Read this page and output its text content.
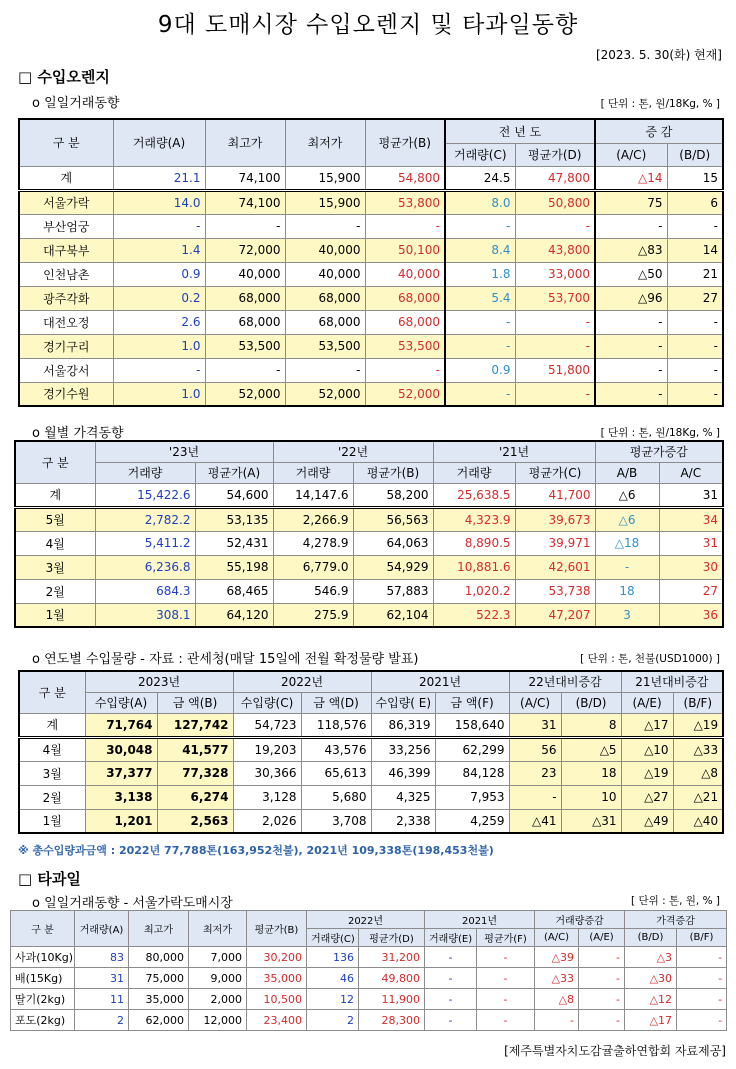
9대 도매시장 수입오렌지 및 타과일동향
[2023. 5. 30(화) 현재]
□ 수입오렌지
o 일일거래동향	[ 단위 : 톤, 원/18Kg, % ]
구 분	거래량(A)	최고가	최저가	평균가(B)	전 년 도		증 감	
					거래량(C)	평균가(D)	(A/C)	(B/D)
계	21.1	74,100	15,900	54,800	24.5	47,800	△14	15
서울가락	14.0	74,100	15,900	53,800	8.0	50,800	75	6
부산엄궁	-	-	-	-	-	-	-	-
대구북부	1.4	72,000	40,000	50,100	8.4	43,800	△83	14
인천남촌	0.9	40,000	40,000	40,000	1.8	33,000	△50	21
광주각화	0.2	68,000	68,000	68,000	5.4	53,700	△96	27
대전오정	2.6	68,000	68,000	68,000	-	-	-	-
경기구리	1.0	53,500	53,500	53,500	-	-	-	-
서울강서	-	-	-	-	0.9	51,800	-	-
경기수원	1.0	52,000	52,000	52,000	-	-	-	-
o 월별 가격동향	[ 단위 : 톤, 원/18Kg, % ]
구 분	'23년		'22년		'21년		평균가증감	
	거래량	평균가(A)	거래량	평균가(B)	거래량	평균가(C)	A/B	A/C
계	15,422.6	54,600	14,147.6	58,200	25,638.5	41,700	△6	31
5월	2,782.2	53,135	2,266.9	56,563	4,323.9	39,673	△6	34
4월	5,411.2	52,431	4,278.9	64,063	8,890.5	39,971	△18	31
3월	6,236.8	55,198	6,779.0	54,929	10,881.6	42,601	-	30
2월	684.3	68,465	546.9	57,883	1,020.2	53,738	18	27
1월	308.1	64,120	275.9	62,104	522.3	47,207	3	36
o 연도별 수입물량 - 자료 : 관세청(매달 15일에 전월 확정물량 발표)	[ 단위 : 톤, 천불(USD1000) ]
구 분	2023년		2022년		2021년		22년대비증감		21년대비증감	
	수입량(A)	금 액(B)	수입량(C)	금 액(D)	수입량( E)	금 액(F)	(A/C)	(B/D)	(A/E)	(B/F)
계	71,764	127,742	54,723	118,576	86,319	158,640	31	8	△17	△19
4월	30,048	41,577	19,203	43,576	33,256	62,299	56	△5	△10	△33
3월	37,377	77,328	30,366	65,613	46,399	84,128	23	18	△19	△8
2월	3,138	6,274	3,128	5,680	4,325	7,953	-	10	△27	△21
1월	1,201	2,563	2,026	3,708	2,338	4,259	△41	△31	△49	△40
※ 총수입량과금액 : 2022년 77,788톤(163,952천불), 2021년 109,338톤(198,453천불)
□ 타과일
o 일일거래동향 - 서울가락도매시장	[ 단위 : 톤, 원, % ]
구 분	거래량(A)	최고가	최저가	평균가(B)	2022년		2021년		거래량증감		가격증감	
					거래량(C)	평균가(D)	거래량(E)	평균가(F)	(A/C)	(A/E)	(B/D)	(B/F)
사과(10Kg)	83	80,000	7,000	30,200	136	31,200	-	-	△39	-	△3	-
배(15Kg)	31	75,000	9,000	35,000	46	49,800	-	-	△33	-	△30	-
딸기(2kg)	11	35,000	2,000	10,500	12	11,900	-	-	△8	-	△12	-
포도(2kg)	2	62,000	12,000	23,400	2	28,300	-	-	-	-	△17	-
[제주특별자치도감귤출하연합회 자료제공]
